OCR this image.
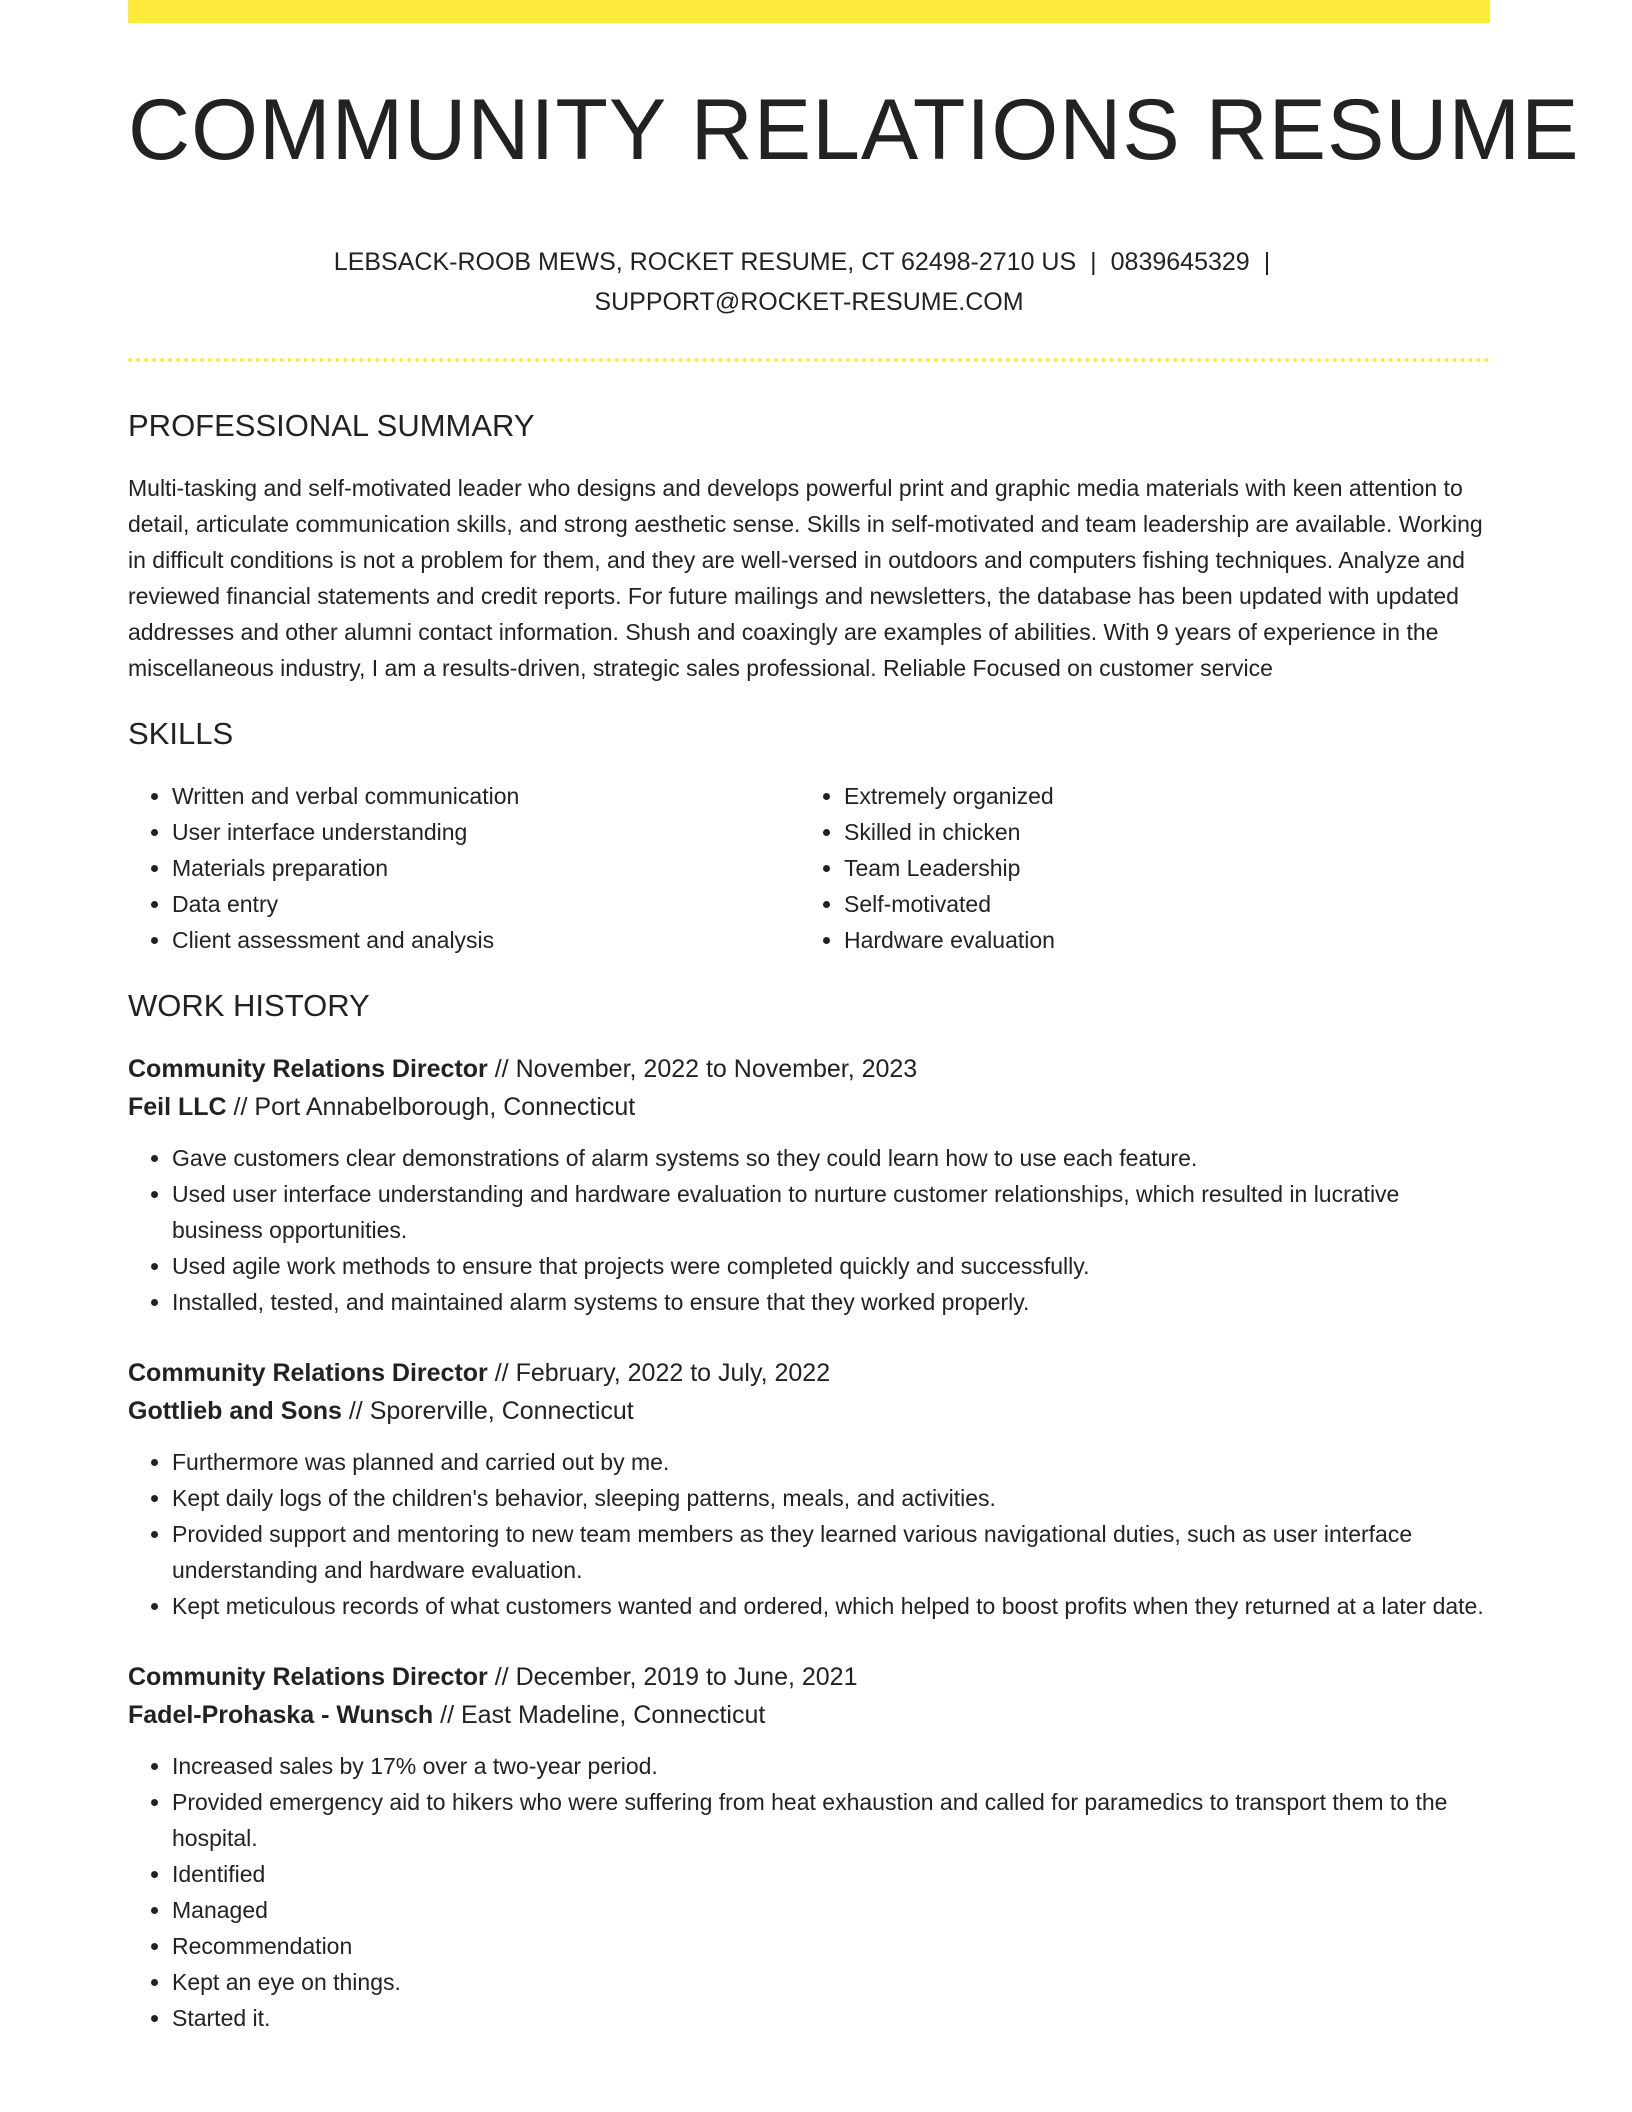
COMMUNITY RELATIONS RESUME
LEBSACK-ROOB MEWS, ROCKET RESUME, CT 62498-2710 US | 0839645329 |
SUPPORT@ROCKET-RESUME.COM
PROFESSIONAL SUMMARY

Multi-tasking and self-motivated leader who designs and develops powerful print and graphic media materials with keen attention to detail, articulate communication skills, and strong aesthetic sense. Skills in self-motivated and team leadership are available. Working in difficult conditions is not a problem for them, and they are well-versed in outdoors and computers fishing techniques. Analyze and reviewed financial statements and credit reports. For future mailings and newsletters, the database has been updated with updated addresses and other alumni contact information. Shush and coaxingly are examples of abilities. With 9 years of experience in the miscellaneous industry, I am a results-driven, strategic sales professional. Reliable Focused on customer service

SKILLS
• Written and verbal communication
• User interface understanding
• Materials preparation
• Data entry
• Client assessment and analysis
• Extremely organized
• Skilled in chicken
• Team Leadership
• Self-motivated
• Hardware evaluation
WORK HISTORY
Community Relations Director // November, 2022 to November, 2023
Feil LLC // Port Annabelborough, Connecticut
• Gave customers clear demonstrations of alarm systems so they could learn how to use each feature.
• Used user interface understanding and hardware evaluation to nurture customer relationships, which resulted in lucrative business opportunities.
• Used agile work methods to ensure that projects were completed quickly and successfully.
• Installed, tested, and maintained alarm systems to ensure that they worked properly.
Community Relations Director // February, 2022 to July, 2022
Gottlieb and Sons // Sporerville, Connecticut
• Furthermore was planned and carried out by me.
• Kept daily logs of the children's behavior, sleeping patterns, meals, and activities.
• Provided support and mentoring to new team members as they learned various navigational duties, such as user interface understanding and hardware evaluation.
• Kept meticulous records of what customers wanted and ordered, which helped to boost profits when they returned at a later date.
Community Relations Director // December, 2019 to June, 2021
Fadel-Prohaska - Wunsch // East Madeline, Connecticut
• Increased sales by 17% over a two-year period.
• Provided emergency aid to hikers who were suffering from heat exhaustion and called for paramedics to transport them to the hospital.
• Identified
• Managed
• Recommendation
• Kept an eye on things.
• Started it.
